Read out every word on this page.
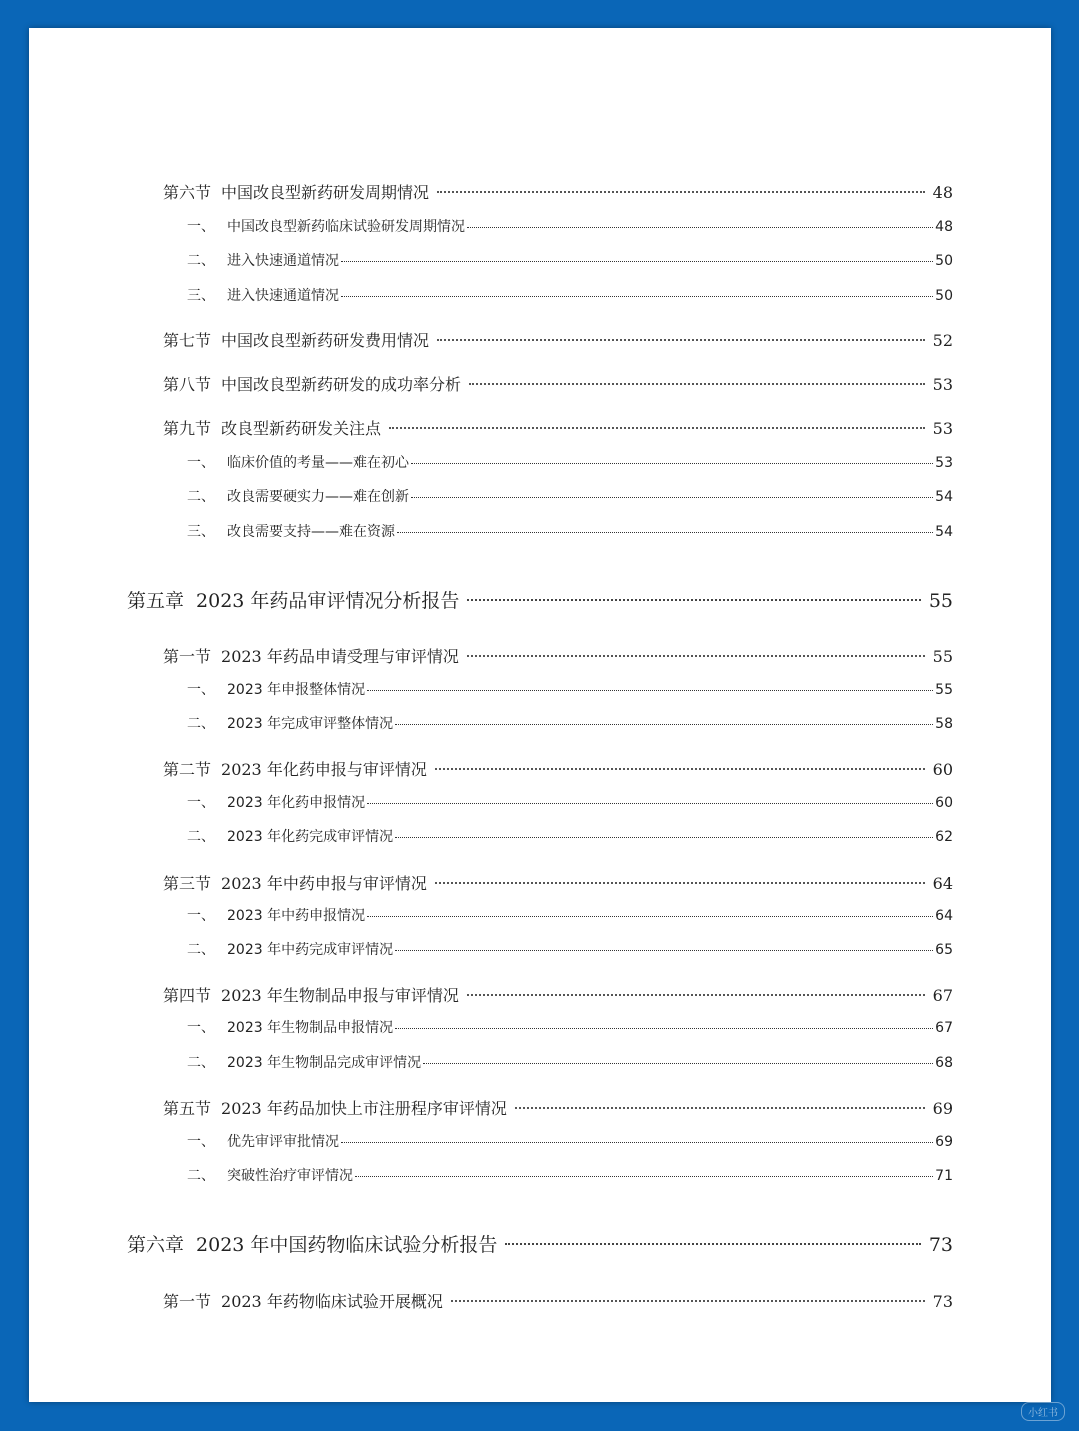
第六节 中国改良型新药研发周期情况	48
一、 中国改良型新药临床试验研发周期情况	48
二、 进入快速通道情况	50
三、 进入快速通道情况	50
第七节 中国改良型新药研发费用情况	52
第八节 中国改良型新药研发的成功率分析	53
第九节 改良型新药研发关注点	53
一、 临床价值的考量——难在初心	53
二、 改良需要硬实力——难在创新	54
三、 改良需要支持——难在资源	54
第五章 2023 年药品审评情况分析报告	55
第一节 2023 年药品申请受理与审评情况	55
一、 2023 年申报整体情况	55
二、 2023 年完成审评整体情况	58
第二节 2023 年化药申报与审评情况	60
一、 2023 年化药申报情况	60
二、 2023 年化药完成审评情况	62
第三节 2023 年中药申报与审评情况	64
一、 2023 年中药申报情况	64
二、 2023 年中药完成审评情况	65
第四节 2023 年生物制品申报与审评情况	67
一、 2023 年生物制品申报情况	67
二、 2023 年生物制品完成审评情况	68
第五节 2023 年药品加快上市注册程序审评情况	69
一、 优先审评审批情况	69
二、 突破性治疗审评情况	71
第六章 2023 年中国药物临床试验分析报告	73
第一节 2023 年药物临床试验开展概况	73
小红书
